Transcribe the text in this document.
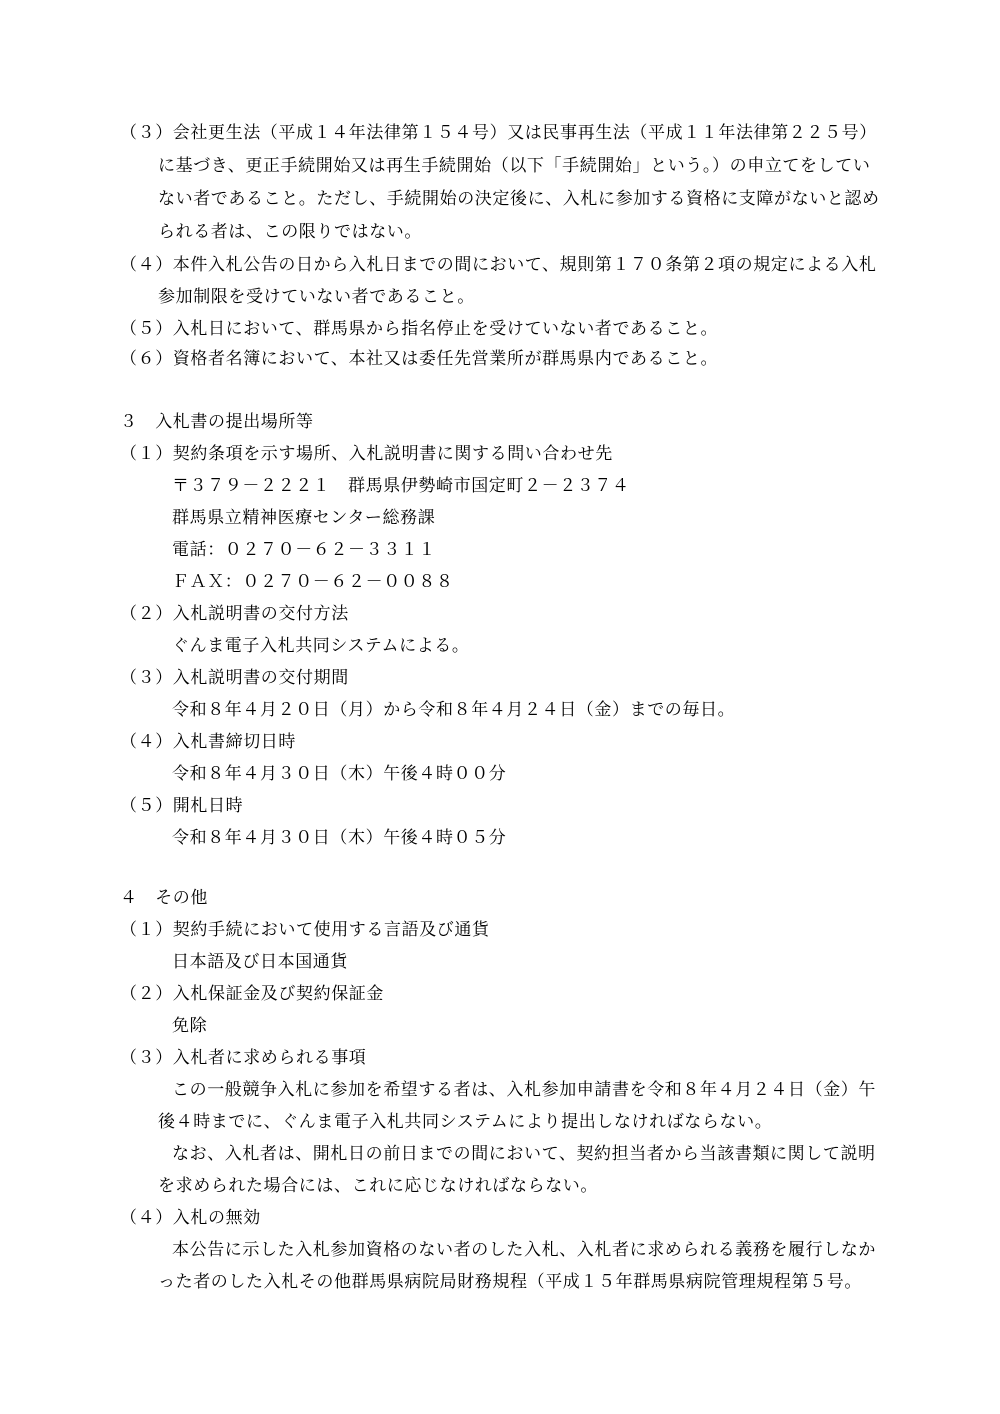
（３）会社更生法（平成１４年法律第１５４号）又は民事再生法（平成１１年法律第２２５号）
に基づき、更正手続開始又は再生手続開始（以下「手続開始」という。）の申立てをしてい
ない者であること。ただし、手続開始の決定後に、入札に参加する資格に支障がないと認め
られる者は、この限りではない。
（４）本件入札公告の日から入札日までの間において、規則第１７０条第２項の規定による入札
参加制限を受けていない者であること。
（５）入札日において、群馬県から指名停止を受けていない者であること。
（６）資格者名簿において、本社又は委任先営業所が群馬県内であること。
３　入札書の提出場所等
（１）契約条項を示す場所、入札説明書に関する問い合わせ先
〒３７９－２２２１　群馬県伊勢崎市国定町２－２３７４
群馬県立精神医療センター総務課
電話：０２７０－６２－３３１１
ＦＡＸ：０２７０－６２－００８８
（２）入札説明書の交付方法
ぐんま電子入札共同システムによる。
（３）入札説明書の交付期間
令和８年４月２０日（月）から令和８年４月２４日（金）までの毎日。
（４）入札書締切日時
令和８年４月３０日（木）午後４時００分
（５）開札日時
令和８年４月３０日（木）午後４時０５分
４　その他
（１）契約手続において使用する言語及び通貨
日本語及び日本国通貨
（２）入札保証金及び契約保証金
免除
（３）入札者に求められる事項
この一般競争入札に参加を希望する者は、入札参加申請書を令和８年４月２４日（金）午
後４時までに、ぐんま電子入札共同システムにより提出しなければならない。
なお、入札者は、開札日の前日までの間において、契約担当者から当該書類に関して説明
を求められた場合には、これに応じなければならない。
（４）入札の無効
本公告に示した入札参加資格のない者のした入札、入札者に求められる義務を履行しなか
った者のした入札その他群馬県病院局財務規程（平成１５年群馬県病院管理規程第５号。
